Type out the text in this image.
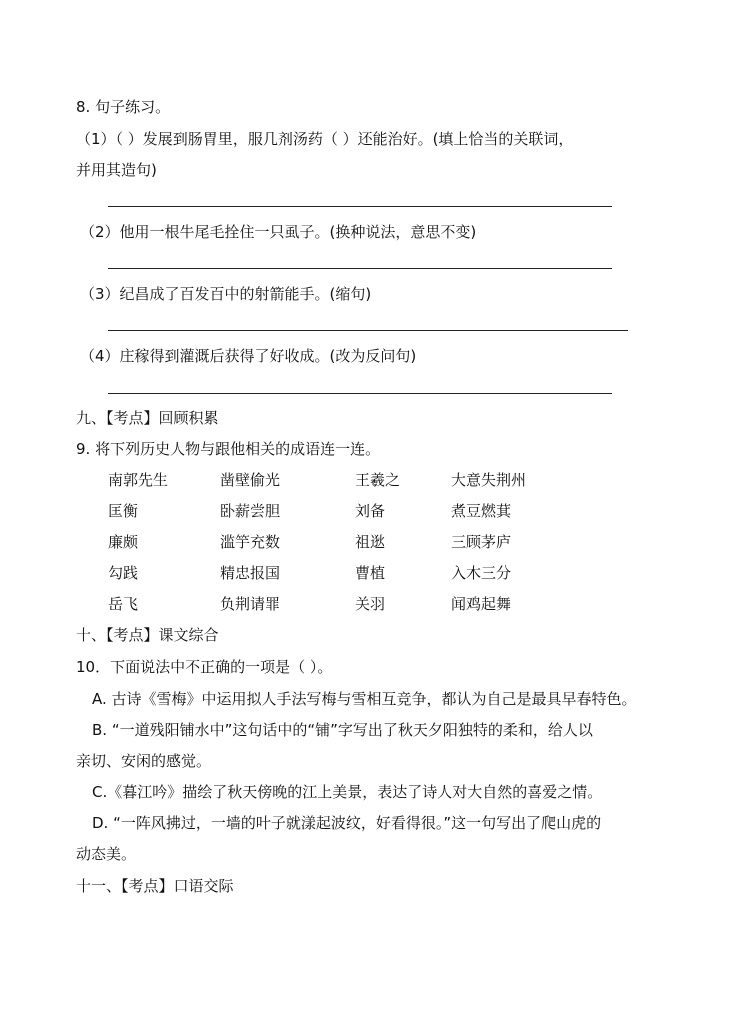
8. 句子练习。
（1）（ ）发展到肠胃里，服几剂汤药（ ）还能治好。(填上恰当的关联词，
并用其造句)
（2）他用一根牛尾毛拴住一只虱子。(换种说法，意思不变)
（3）纪昌成了百发百中的射箭能手。(缩句)
（4）庄稼得到灌溉后获得了好收成。(改为反问句)
九、【考点】回顾积累
9. 将下列历史人物与跟他相关的成语连一连。
南郭先生	凿壁偷光	王羲之	大意失荆州
匡衡	卧薪尝胆	刘备	煮豆燃萁
廉颇	滥竽充数	祖逖	三顾茅庐
勾践	精忠报国	曹植	入木三分
岳飞	负荆请罪	关羽	闻鸡起舞
十、【考点】课文综合
10．下面说法中不正确的一项是（ ）。
A. 古诗《雪梅》中运用拟人手法写梅与雪相互竞争，都认为自己是最具早春特色。
B. “一道残阳铺水中”这句话中的“铺”字写出了秋天夕阳独特的柔和，给人以
亲切、安闲的感觉。
C.《暮江吟》描绘了秋天傍晚的江上美景，表达了诗人对大自然的喜爱之情。
D. “一阵风拂过，一墙的叶子就漾起波纹，好看得很。”这一句写出了爬山虎的
动态美。
十一、【考点】口语交际
